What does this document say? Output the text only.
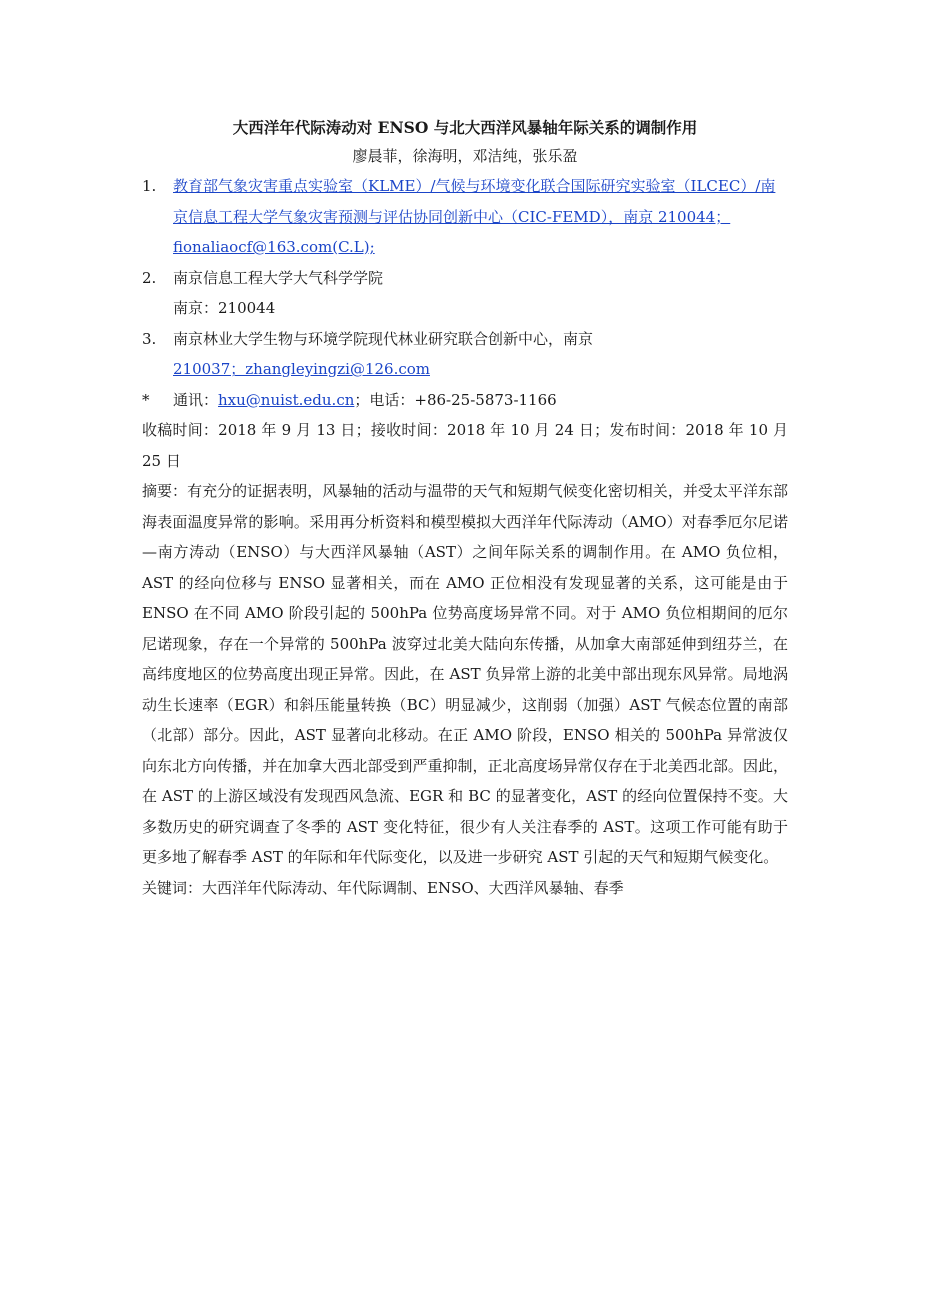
大西洋年代际涛动对 ENSO 与北大西洋风暴轴年际关系的调制作用

廖晨菲，徐海明，邓洁纯，张乐盈

1. 教育部气象灾害重点实验室（KLME）/气候与环境变化联合国际研究实验室（ILCEC）/南京信息工程大学气象灾害预测与评估协同创新中心（CIC-FEMD），南京 210044；fionaliaocf@163.com(C.L);
2. 南京信息工程大学大气科学学院
南京：210044
3. 南京林业大学生物与环境学院现代林业研究联合创新中心，南京
210037；zhangleyingzi@126.com
* 通讯：hxu@nuist.edu.cn；电话：+86-25-5873-1166

收稿时间：2018 年 9 月 13 日；接收时间：2018 年 10 月 24 日；发布时间：2018 年 10 月 25 日

摘要：有充分的证据表明，风暴轴的活动与温带的天气和短期气候变化密切相关，并受太平洋东部海表面温度异常的影响。采用再分析资料和模型模拟大西洋年代际涛动（AMO）对春季厄尔尼诺—南方涛动（ENSO）与大西洋风暴轴（AST）之间年际关系的调制作用。在 AMO 负位相，AST 的经向位移与 ENSO 显著相关，而在 AMO 正位相没有发现显著的关系，这可能是由于 ENSO 在不同 AMO 阶段引起的 500hPa 位势高度场异常不同。对于 AMO 负位相期间的厄尔尼诺现象，存在一个异常的 500hPa 波穿过北美大陆向东传播，从加拿大南部延伸到纽芬兰，在高纬度地区的位势高度出现正异常。因此，在 AST 负异常上游的北美中部出现东风异常。局地涡动生长速率（EGR）和斜压能量转换（BC）明显减少，这削弱（加强）AST 气候态位置的南部（北部）部分。因此，AST 显著向北移动。在正 AMO 阶段，ENSO 相关的 500hPa 异常波仅向东北方向传播，并在加拿大西北部受到严重抑制，正北高度场异常仅存在于北美西北部。因此，在 AST 的上游区域没有发现西风急流、EGR 和 BC 的显著变化，AST 的经向位置保持不变。大多数历史的研究调查了冬季的 AST 变化特征，很少有人关注春季的 AST。这项工作可能有助于更多地了解春季 AST 的年际和年代际变化，以及进一步研究 AST 引起的天气和短期气候变化。

关键词：大西洋年代际涛动、年代际调制、ENSO、大西洋风暴轴、春季
